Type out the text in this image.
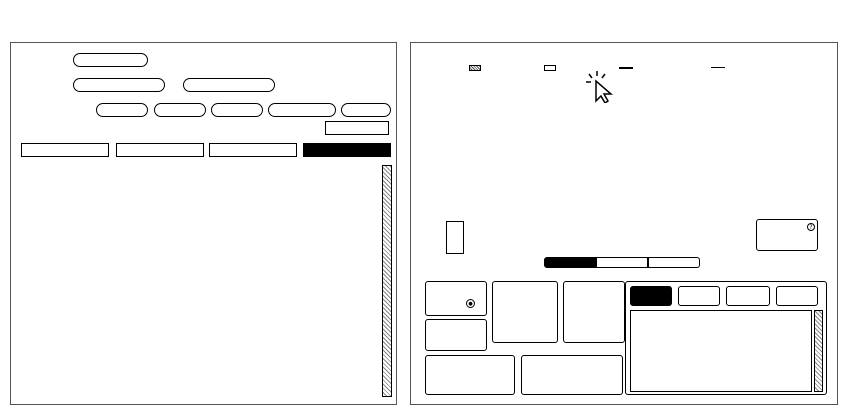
?
●
